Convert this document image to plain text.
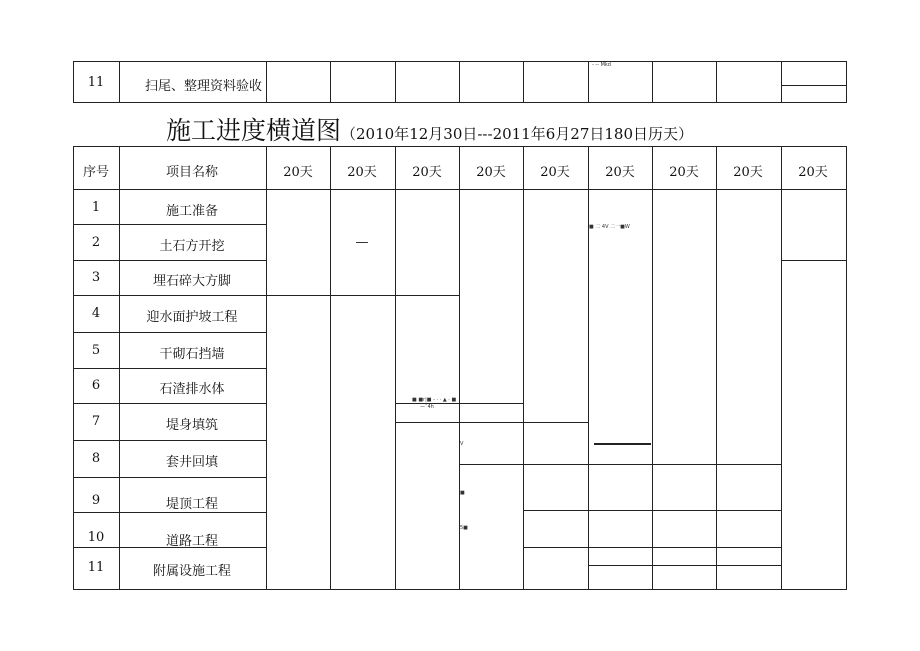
11	扫尾、整理资料验收
- -- Mkd
施工进度横道图（2010年12月30日---2011年6月27日180日历天）
序号	项目名称	20天	20天	20天	20天	20天	20天	20天	20天	20天
1	施工准备
2	土石方开挖
3	埋石碎大方脚
4	迎水面护坡工程
5	干砌石挡墙
6	石渣排水体
7	堤身填筑
8	套井回填
9	堤顶工程
10	道路工程
11	附属设施工程
—
■ 二 4V 二一■W
■ ■r|■ - · · ▲ · ■
—ˉ4h
V
■
5■
